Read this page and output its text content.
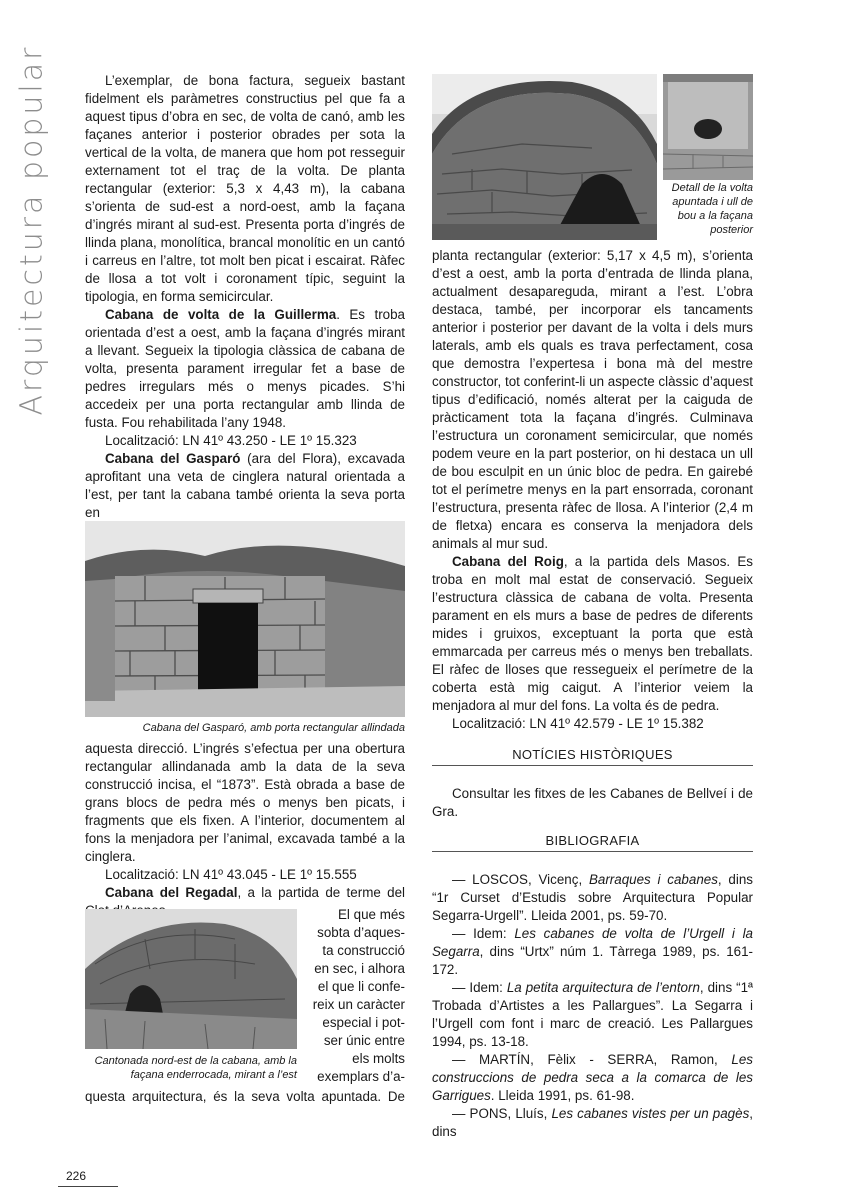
Arquitectura popular	Detall de la volta apuntada i ull de bou a la façana posterior

L’exemplar, de bona factura, segueix bastant fidelment els paràmetres constructius pel que fa a aquest tipus d’obra en sec, de volta de canó, amb les façanes anterior i posterior obrades per sota la vertical de la volta, de manera que hom pot resseguir externament tot el traç de la volta. De planta rectangular (exterior: 5,3 x 4,43 m), la cabana s’orienta de sud-est a nord-oest, amb la façana d’ingrés mirant al sud-est. Presenta porta d’ingrés de llinda plana, monolítica, brancal monolític en un cantó i carreus en l’altre, tot molt ben picat i escairat. Ràfec de llosa a tot volt i coronament típic, seguint la tipologia, en forma semicircular.

Cabana de volta de la Guillerma. Es troba orientada d’est a oest, amb la façana d’ingrés mirant a llevant. Segueix la tipologia clàssica de cabana de volta, presenta parament irregular fet a base de pedres irregulars més o menys picades. S’hi accedeix per una porta rectangular amb llinda de fusta. Fou rehabilitada l’any 1948.

Localització: LN 41º 43.250 - LE 1º 15.323

Cabana del Gasparó (ara del Flora), excavada aprofitant una veta de cinglera natural orientada a l’est, per tant la cabana també orienta la seva porta en

Cabana del Gasparó, amb porta rectangular allindada

aquesta direcció. L’ingrés s’efectua per una obertura rectangular allindanada amb la data de la seva construcció incisa, el “1873”. Està obrada a base de grans blocs de pedra més o menys ben picats, i fragments que els fixen. A l’interior, documentem al fons la menjadora per l’animal, excavada també a la cinglera.

Localització: LN 41º 43.045 - LE 1º 15.555

Cabana del Regadal, a la partida de terme del

Cantonada nord-est de la cabana, amb la façana enderrocada, mirant a l’est
El que més
sobta d’aques-
ta construcció
en sec, i alhora
el que li confe-
reix un caràcter
especial i pot-
ser únic entre
els molts
exemplars d’a-
questa arquitectura, és la seva volta apuntada. De

planta rectangular (exterior: 5,17 x 4,5 m), s’orienta d’est a oest, amb la porta d’entrada de llinda plana, actualment desapareguda, mirant a l’est. L’obra destaca, també, per incorporar els tancaments anterior i posterior per davant de la volta i dels murs laterals, amb els quals es trava perfectament, cosa que demostra l’expertesa i bona mà del mestre constructor, tot conferint-li un aspecte clàssic d’aquest tipus d’edificació, només alterat per la caiguda de pràcticament tota la façana d’ingrés. Culminava l’estructura un coronament semicircular, que només podem veure en la part posterior, on hi destaca un ull de bou esculpit en un únic bloc de pedra. En gairebé tot el perímetre menys en la part ensorrada, coronant l’estructura, presenta ràfec de llosa. A l’interior (2,4 m de fletxa) encara es conserva la menjadora dels animals al mur sud.

Cabana del Roig, a la partida dels Masos. Es troba en molt mal estat de conservació. Segueix l’estructura clàssica de cabana de volta. Presenta parament en els murs a base de pedres de diferents mides i gruixos, exceptuant la porta que està emmarcada per carreus més o menys ben treballats. El ràfec de lloses que ressegueix el perímetre de la coberta està mig caigut. A l’interior veiem la menjadora al mur del fons. La volta és de pedra.

Localització: LN 41º 42.579 - LE 1º 15.382

NOTÍCIES HISTÒRIQUES

Consultar les fitxes de les Cabanes de Bellveí i de Gra.

BIBLIOGRAFIA

— LOSCOS, Vicenç, Barraques i cabanes, dins “1r Curset d’Estudis sobre Arquitectura Popular Segarra-Urgell”. Lleida 2001, ps. 59-70.

— Idem: Les cabanes de volta de l’Urgell i la Segarra, dins “Urtx” núm 1. Tàrrega 1989, ps. 161-172.

— Idem: La petita arquitectura de l’entorn, dins “1ª Trobada d’Artistes a les Pallargues”. La Segarra i l’Urgell com font i marc de creació. Les Pallargues 1994, ps. 13-18.

— MARTÍN, Fèlix - SERRA, Ramon, Les construccions de pedra seca a la comarca de les Garrigues. Lleida 1991, ps. 61-98.

— PONS, Lluís, Les cabanes vistes per un pagès, dins

226
